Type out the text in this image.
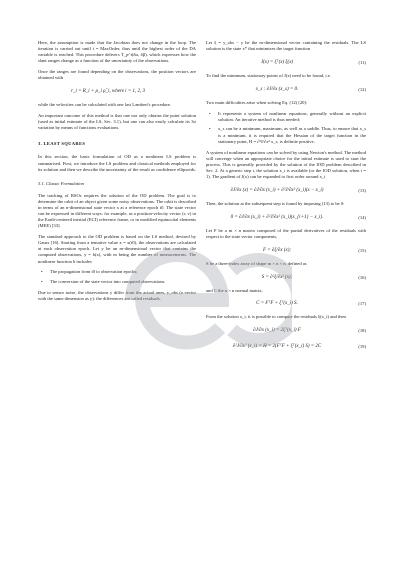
Here, the assumption is made that the Jacobian does not change in the loop. The iteration is carried out until i = MaxOrder, thus until the highest order of the DA variable is reached. This procedure delivers T_p^i(δα, δβ), which expresses how the slant ranges change as a function of the uncertainty of the observations.

Once the ranges are found depending on the observations, the position vectors are obtained with

r_i = R_i + ρ_i ρ̂_i, where i = 1, 2, 3

while the velocities can be calculated with one last Lambert's procedure.

An important outcome of this method is that one not only obtains the point solution (used as initial estimate of the LS, Sec. 3.1), but one can also easily calculate its 3σ variation by means of functions evaluations.

3. LEAST SQUARES

In this section, the basic formulation of OD as a nonlinear LS problem is summarised. First, we introduce the LS problem and classical methods employed for its solution and then we describe the uncertainty of the result as confidence ellipsoids.

3.1. Classic Formulation

The tracking of RSOs requires the solution of the OD problem. The goal is to determine the orbit of an object given some noisy observations. The orbit is described in terms of an n-dimensional state vector x at a reference epoch t0. The state vector can be expressed in different ways: for example, as a position-velocity vector (r, v) in the Earth-centered inertial (ECI) reference frame, or in modified equinoctial elements (MEE) [33].

The standard approach to the OD problem is based on the LS method, devised by Gauss [16]. Starting from a tentative value x = x(t0), the observations are calculated at each observation epoch. Let y be an m-dimensional vector that contains the computed observations, y = h(x), with m being the number of measurements. The nonlinear function h includes

• The propagation from t0 to observation epochs;
• The conversion of the state vector into computed observations.

Due to sensor noise, the observations y differ from the actual ones, y_obs (a vector with the same dimension as y): the differences are called residuals.

Let ξ = y_obs − y be the m-dimensional vector containing the residuals. The LS solution is the state x* that minimizes the target function

J(x) = ξᵀ(x) ξ(x)	(11)

To find the minimum, stationary points of J(x) need to be found, i.e.

x_s : ∂J/∂x (x_s) = 0.	(12)

Two main difficulties arise when solving Eq. (12) [20]:

• It represents a system of nonlinear equations, generally without an explicit solution. An iterative method is thus needed;
• x_s can be a minimum, maximum, as well as a saddle. Thus, to ensure that x_s is a minimum, it is required that the Hessian of the target function in the stationary point, H = ∂²J/∂x² x_s, is definite positive.

A system of nonlinear equations can be solved by using Newton's method. The method will converge when an appropriate choice for the initial estimate is used to start the process. This is generally provided by the solution of the IOD problem described in Sec. 2. At a generic step i, the solution x_i is available (or the IOD solution, when i = 1). The gradient of J(x) can be expanded to first order around x_i

∂J/∂x (x) = ∂J/∂x (x_i) + ∂²J/∂x² (x_i)(x − x_i)	(13)

Then, the solution at the subsequent step is found by imposing (13) to be 0:

0 = ∂J/∂x (x_i) + ∂²J/∂x² (x_i)(x_{i+1} − x_i).	(14)

Let F be a m × n matrix composed of the partial derivatives of the residuals with respect to the state vector components,

F = ∂ξ/∂x (x);	(15)

S be a three-index array of shape m × n × n, defined as

S = ∂²ξ/∂x² (x);	(16)

and C the n × n normal matrix,

C = FᵀF + ξᵀ(x_i) S.	(17)

From the solution x_i, it is possible to compute the residuals ξ(x_i) and then

∂J/∂x (x_i) = 2ξᵀ(x_i) F	(18)
∂²J/∂x² (x_i) = H = 2(FᵀF + ξᵀ(x_i) S) = 2C	(19)
